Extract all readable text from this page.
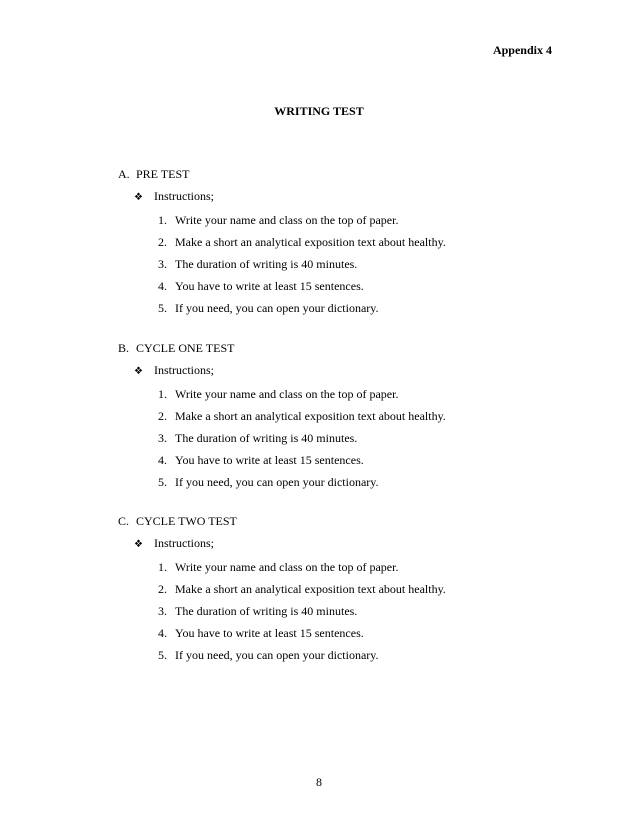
Appendix 4
WRITING TEST
A. PRE TEST
❖ Instructions;
1. Write your name and class on the top of paper.
2. Make a short an analytical exposition text about healthy.
3. The duration of writing is 40 minutes.
4. You have to write at least 15 sentences.
5. If you need, you can open your dictionary.
B. CYCLE ONE TEST
❖ Instructions;
1. Write your name and class on the top of paper.
2. Make a short an analytical exposition text about healthy.
3. The duration of writing is 40 minutes.
4. You have to write at least 15 sentences.
5. If you need, you can open your dictionary.
C. CYCLE TWO TEST
❖ Instructions;
1. Write your name and class on the top of paper.
2. Make a short an analytical exposition text about healthy.
3. The duration of writing is 40 minutes.
4. You have to write at least 15 sentences.
5. If you need, you can open your dictionary.
8
